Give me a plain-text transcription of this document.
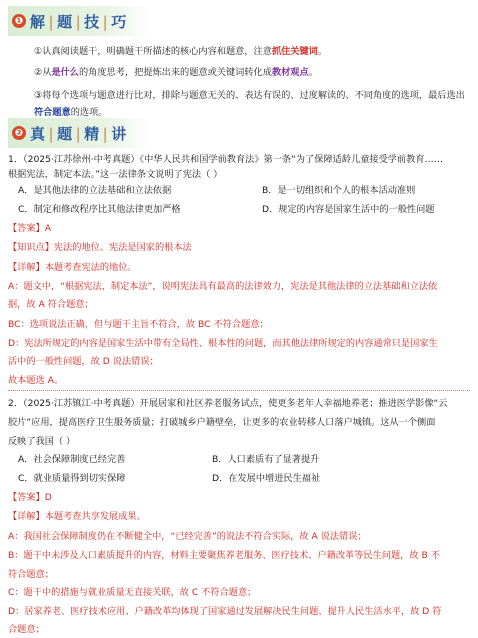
❶ 解 | 题 | 技 | 巧
①认真阅读题干，明确题干所描述的核心内容和题意，注意抓住关键词。
②从是什么的角度思考，把提炼出来的题意或关键词转化成教材观点。
③将每个选项与题意进行比对，排除与题意无关的、表达有误的、过度解读的、不同角度的选项，最后选出符合题意的选项。
❷ 真 | 题 | 精 | 讲
1．（2025·江苏徐州·中考真题）《中华人民共和国学前教育法》第一条“为了保障适龄儿童接受学前教育……
根据宪法，制定本法。”这一法律条文说明了宪法（ ）
A．是其他法律的立法基础和立法依据	B．是一切组织和个人的根本活动准则
C．制定和修改程序比其他法律更加严格	D．规定的内容是国家生活中的一般性问题
【答案】A
【知识点】宪法的地位、宪法是国家的根本法
【详解】本题考查宪法的地位。
A：题文中，“根据宪法，制定本法”，说明宪法具有最高的法律效力，宪法是其他法律的立法基础和立法依
据，故 A 符合题意；
BC：选项说法正确，但与题干主旨不符合，故 BC 不符合题意；
D：宪法所规定的内容是国家生活中带有全局性、根本性的问题，而其他法律所规定的内容通常只是国家生
活中的一般性问题，故 D 说法错误；
故本题选 A。
2．（2025·江苏镇江·中考真题）开展居家和社区养老服务试点，使更多老年人幸福地养老；推进医学影像“云
胶片”应用，提高医疗卫生服务质量；打破城乡户籍壁垒，让更多的农业转移人口落户城镇。这从一个侧面
反映了我国（ ）
A．社会保障制度已经完善	B．人口素质有了显著提升
C．就业质量得到切实保障	D．在发展中增进民生福祉
【答案】D
【详解】本题考查共享发展成果。
A：我国社会保障制度仍在不断健全中，“已经完善”的说法不符合实际，故 A 说法错误；
B：题干中未涉及人口素质提升的内容，材料主要聚焦养老服务、医疗技术、户籍改革等民生问题，故 B 不
符合题意；
C：题干中的措施与就业质量无直接关联，故 C 不符合题意；
D：居家养老、医疗技术应用、户籍改革均体现了国家通过发展解决民生问题、提升人民生活水平，故 D 符
合题意；
